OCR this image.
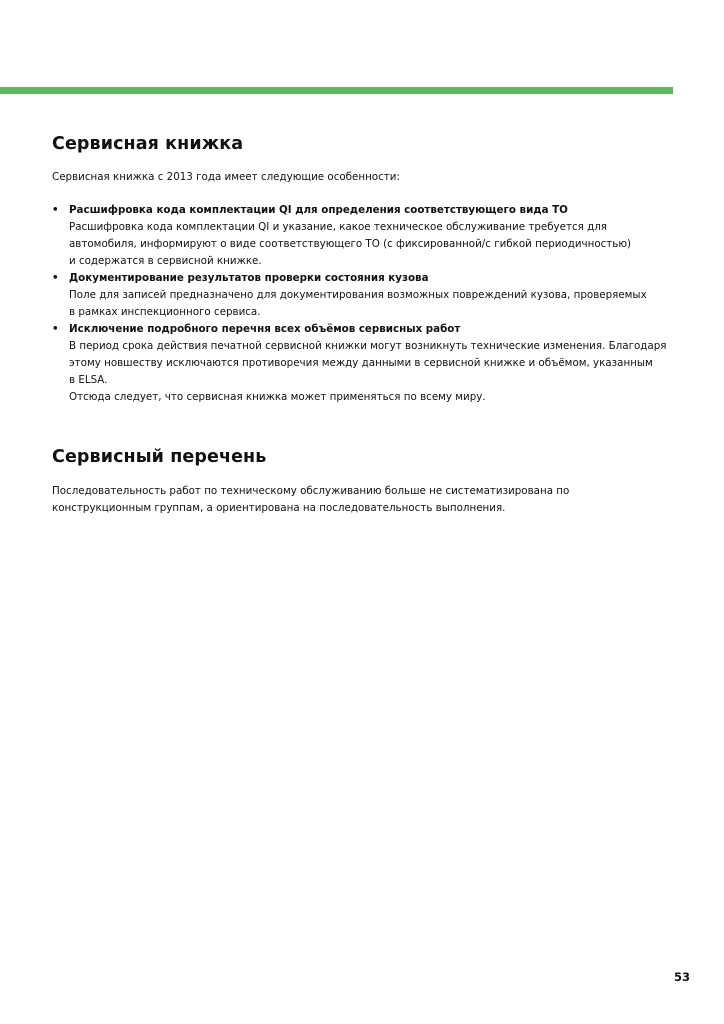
Сервисная книжка

Сервисная книжка с 2013 года имеет следующие особенности:

•	Расшифровка кода комплектации QI для определения соответствующего вида ТО
Расшифровка кода комплектации QI и указание, какое техническое обслуживание требуется для
автомобиля, информируют о виде соответствующего ТО (с фиксированной/с гибкой периодичностью)
и содержатся в сервисной книжке.
•	Документирование результатов проверки состояния кузова
Поле для записей предназначено для документирования возможных повреждений кузова, проверяемых
в рамках инспекционного сервиса.
•	Исключение подробного перечня всех объёмов сервисных работ
В период срока действия печатной сервисной книжки могут возникнуть технические изменения. Благодаря
этому новшеству исключаются противоречия между данными в сервисной книжке и объёмом, указанным
в ELSA.
Отсюда следует, что сервисная книжка может применяться по всему миру.
Сервисный перечень

Последовательность работ по техническому обслуживанию больше не систематизирована по

конструкционным группам, а ориентирована на последовательность выполнения.

53
